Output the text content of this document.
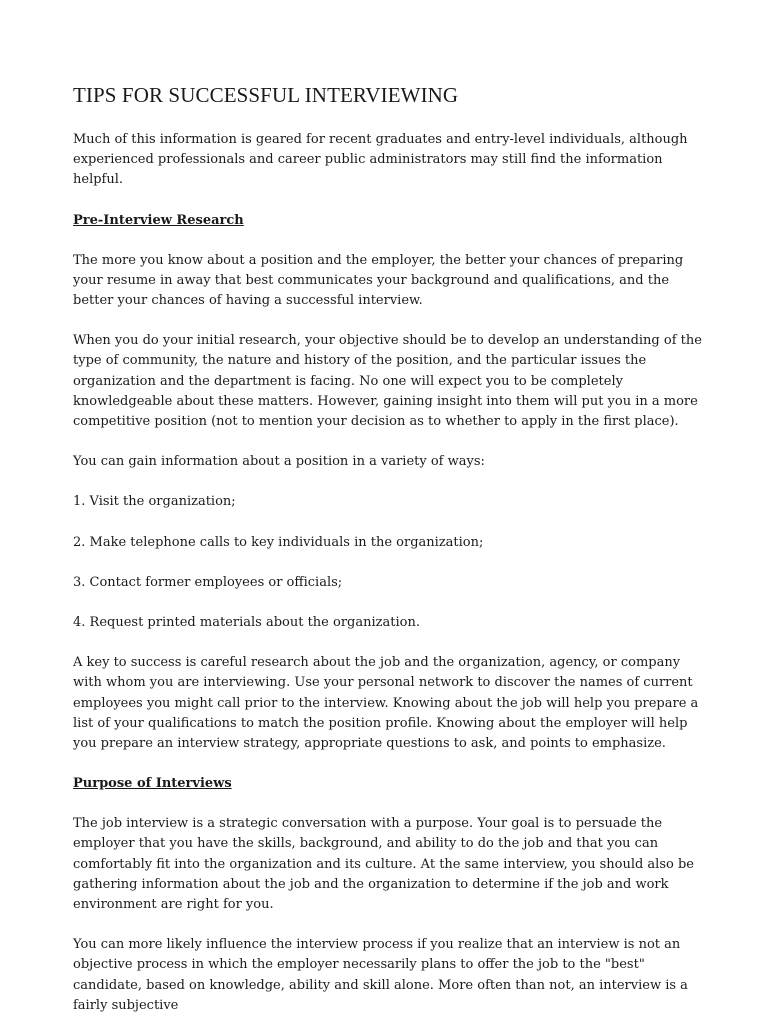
TIPS FOR SUCCESSFUL INTERVIEWING

Much of this information is geared for recent graduates and entry-level individuals, although experienced professionals and career public administrators may still find the information helpful.

Pre-Interview Research

The more you know about a position and the employer, the better your chances of preparing your resume in away that best communicates your background and qualifications, and the better your chances of having a successful interview.

When you do your initial research, your objective should be to develop an understanding of the type of community, the nature and history of the position, and the particular issues the organization and the department is facing. No one will expect you to be completely knowledgeable about these matters. However, gaining insight into them will put you in a more competitive position (not to mention your decision as to whether to apply in the first place).

You can gain information about a position in a variety of ways:

1. Visit the organization;

2. Make telephone calls to key individuals in the organization;

3. Contact former employees or officials;

4. Request printed materials about the organization.

A key to success is careful research about the job and the organization, agency, or company with whom you are interviewing. Use your personal network to discover the names of current employees you might call prior to the interview. Knowing about the job will help you prepare a list of your qualifications to match the position profile. Knowing about the employer will help you prepare an interview strategy, appropriate questions to ask, and points to emphasize.

Purpose of Interviews

The job interview is a strategic conversation with a purpose. Your goal is to persuade the employer that you have the skills, background, and ability to do the job and that you can comfortably fit into the organization and its culture. At the same interview, you should also be gathering information about the job and the organization to determine if the job and work environment are right for you.

You can more likely influence the interview process if you realize that an interview is not an objective process in which the employer necessarily plans to offer the job to the "best" candidate, based on knowledge, ability and skill alone. More often than not, an interview is a fairly subjective
